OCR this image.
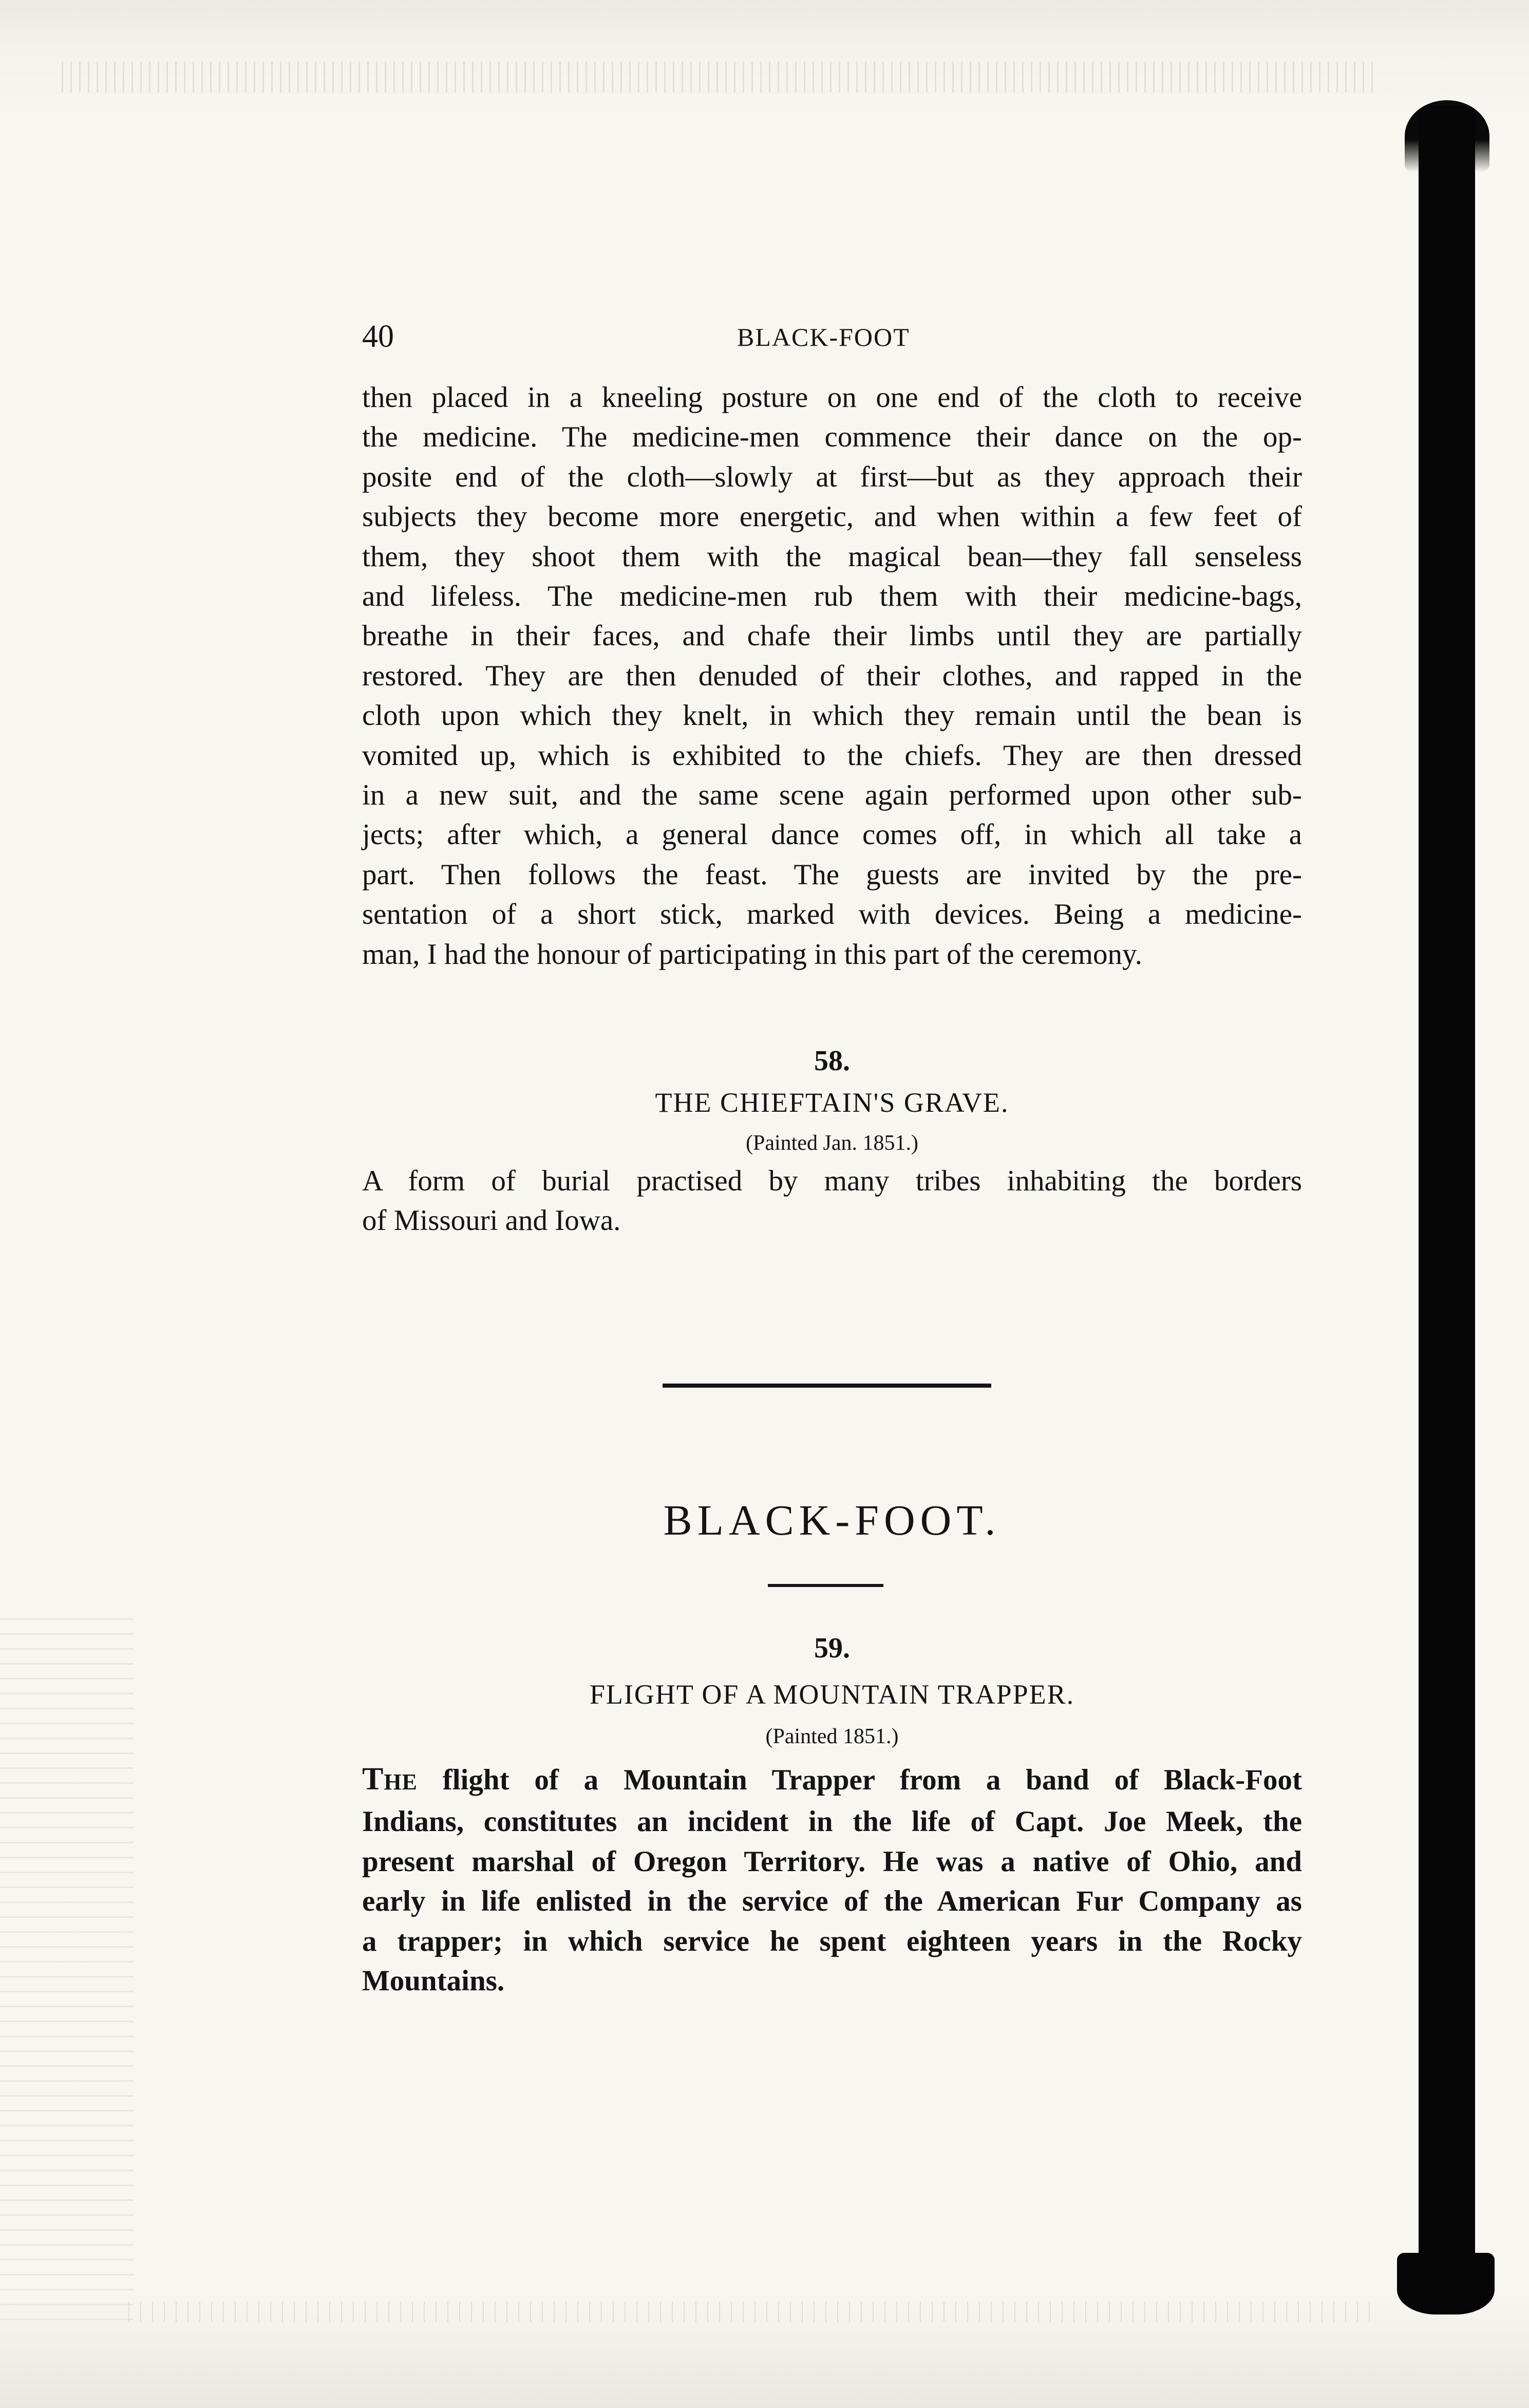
40	BLACK-FOOT

then placed in a kneeling posture on one end of the cloth to receive
the medicine. The medicine-men commence their dance on the op-
posite end of the cloth—slowly at first—but as they approach their
subjects they become more energetic, and when within a few feet of
them, they shoot them with the magical bean—they fall senseless
and lifeless. The medicine-men rub them with their medicine-bags,
breathe in their faces, and chafe their limbs until they are partially
restored. They are then denuded of their clothes, and rapped in the
cloth upon which they knelt, in which they remain until the bean is
vomited up, which is exhibited to the chiefs. They are then dressed
in a new suit, and the same scene again performed upon other sub-
jects; after which, a general dance comes off, in which all take a
part. Then follows the feast. The guests are invited by the pre-
sentation of a short stick, marked with devices. Being a medicine-
man, I had the honour of participating in this part of the ceremony.

58.
THE CHIEFTAIN'S GRAVE.
(Painted Jan. 1851.)

A form of burial practised by many tribes inhabiting the borders
of Missouri and Iowa.

BLACK-FOOT.
59.
FLIGHT OF A MOUNTAIN TRAPPER.
(Painted 1851.)

THE flight of a Mountain Trapper from a band of Black-Foot
Indians, constitutes an incident in the life of Capt. Joe Meek, the
present marshal of Oregon Territory. He was a native of Ohio, and
early in life enlisted in the service of the American Fur Company as
a trapper; in which service he spent eighteen years in the Rocky
Mountains.
